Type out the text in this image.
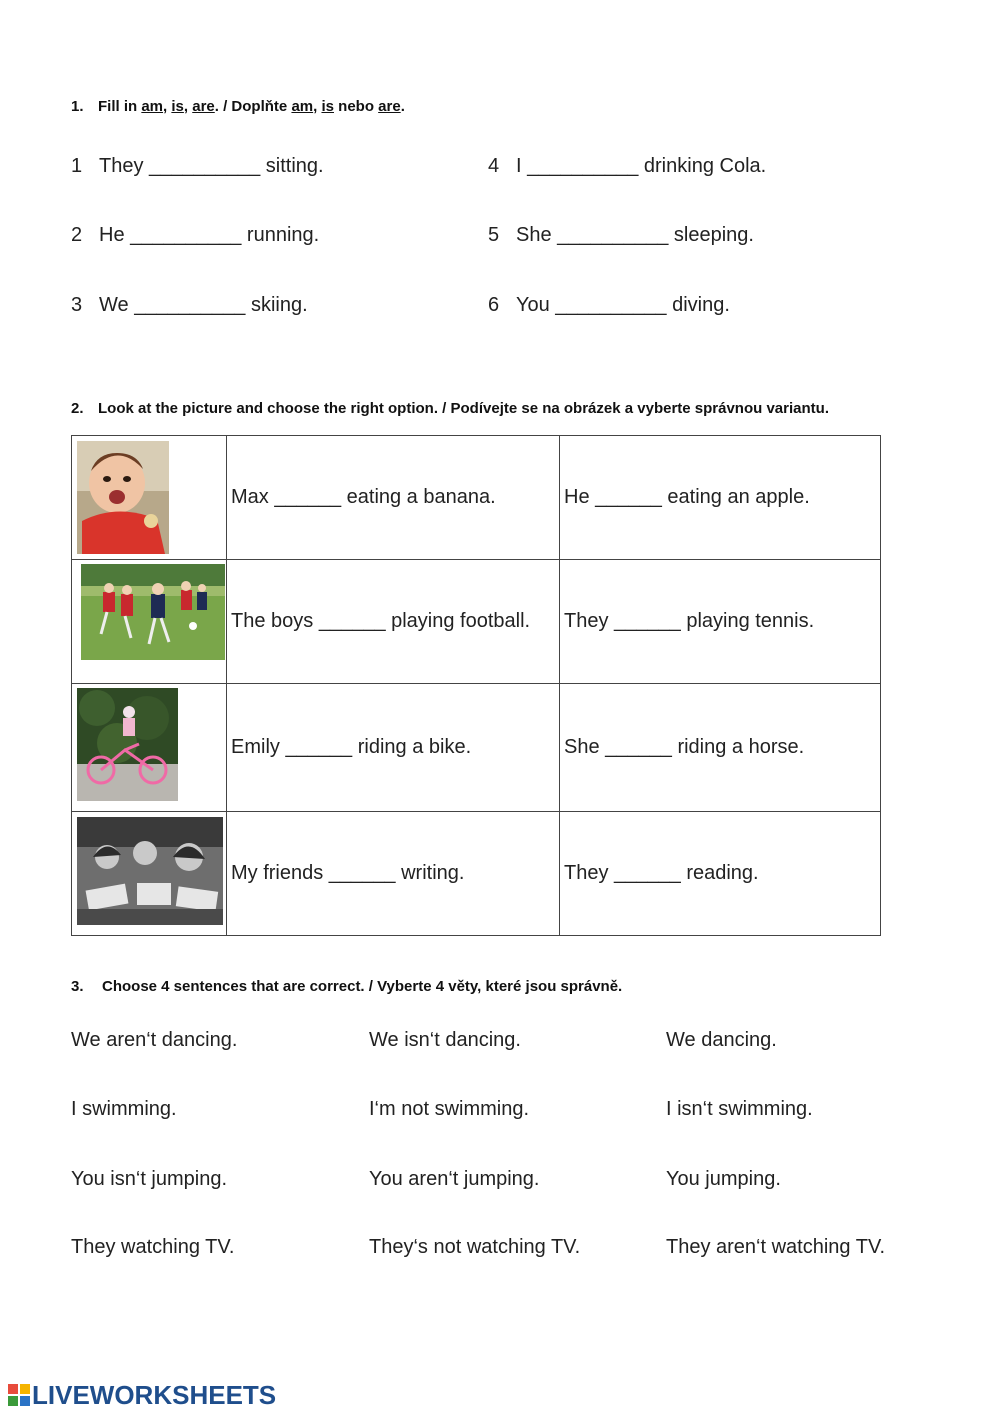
1. Fill in am, is, are. / Doplňte am, is nebo are.
1 They __________ sitting.
2 He __________ running.
3 We __________ skiing.
4 I __________ drinking Cola.
5 She __________ sleeping.
6 You __________ diving.
2. Look at the picture and choose the right option. / Podívejte se na obrázek a vyberte správnou variantu.
	Max ______ eating a banana.	He ______ eating an apple.

	The boys ______ playing football.	They ______ playing tennis.

	Emily ______ riding a bike.	She ______ riding a horse.

	My friends ______ writing.	They ______ reading.
3. Choose 4 sentences that are correct. / Vyberte 4 věty, které jsou správně.
We aren‘t dancing.	We isn‘t dancing.	We dancing.
I swimming.	I‘m not swimming.	I isn‘t swimming.
You isn‘t jumping.	You aren‘t jumping.	You jumping.
They watching TV.	They‘s not watching TV.	They aren‘t watching TV.
LIVEWORKSHEETS
